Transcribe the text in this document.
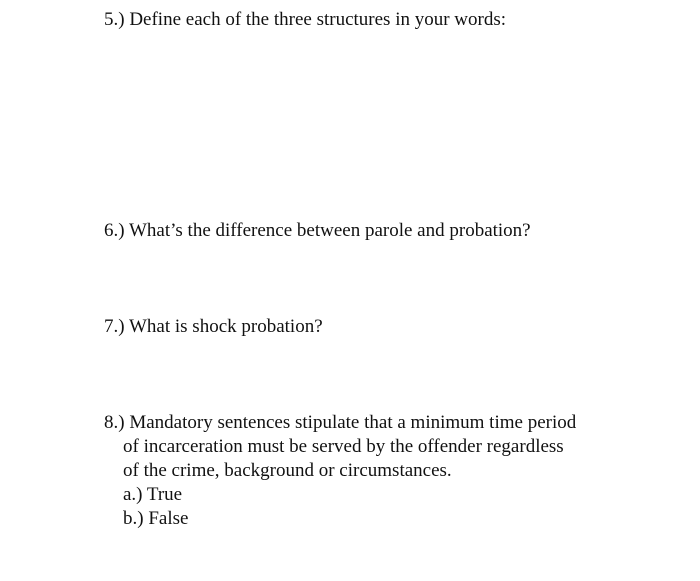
5.) Define each of the three structures in your words:
6.) What’s the difference between parole and probation?
7.) What is shock probation?
8.) Mandatory sentences stipulate that a minimum time period
of incarceration must be served by the offender regardless
of the crime, background or circumstances.
a.) True
b.) False
